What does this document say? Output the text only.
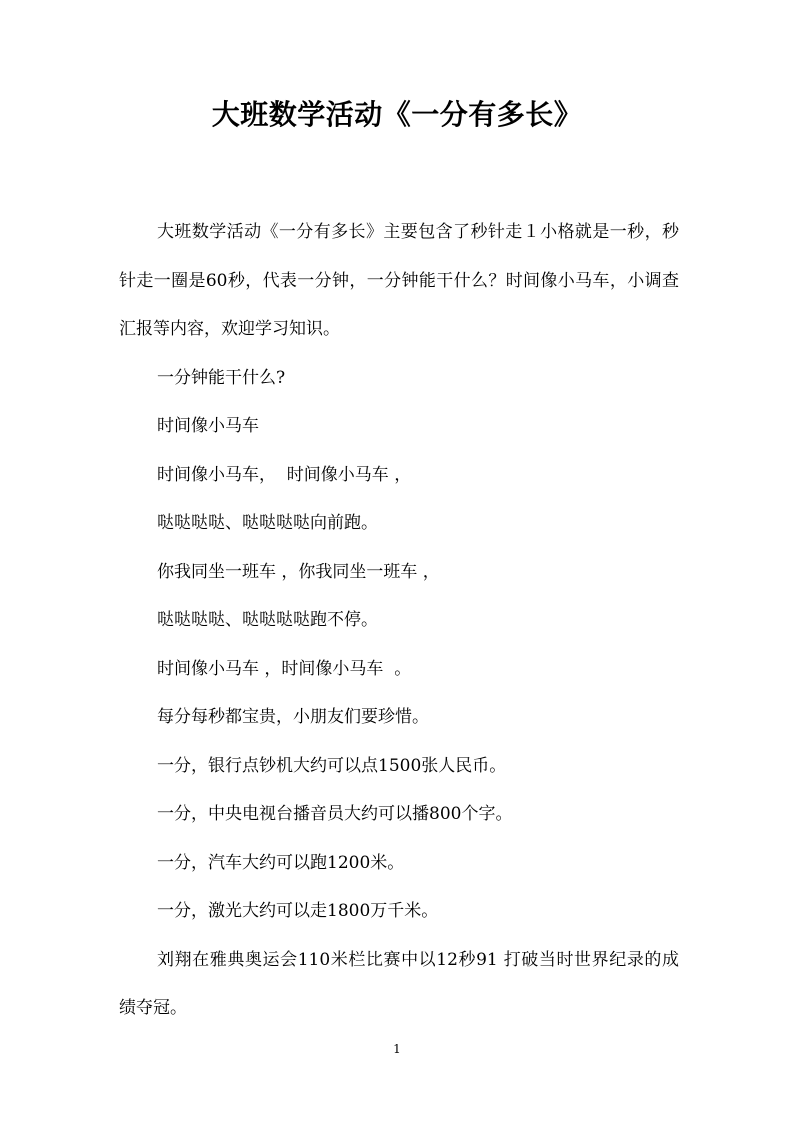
大班数学活动《一分有多长》

大班数学活动《一分有多长》主要包含了秒针走１小格就是一秒，秒针走一圈是60秒，代表一分钟，一分钟能干什么？时间像小马车，小调查汇报等内容，欢迎学习知识。

一分钟能干什么?

时间像小马车

时间像小马车，  时间像小马车 ，

哒哒哒哒、哒哒哒哒向前跑。

你我同坐一班车 ，你我同坐一班车 ，

哒哒哒哒、哒哒哒哒跑不停。

时间像小马车 ，时间像小马车  。

每分每秒都宝贵，小朋友们要珍惜。

一分，银行点钞机大约可以点1500张人民币。

一分，中央电视台播音员大约可以播800个字。

一分，汽车大约可以跑1200米。

一分，激光大约可以走1800万千米。

刘翔在雅典奥运会110米栏比赛中以12秒91 打破当时世界纪录的成绩夺冠。

1
